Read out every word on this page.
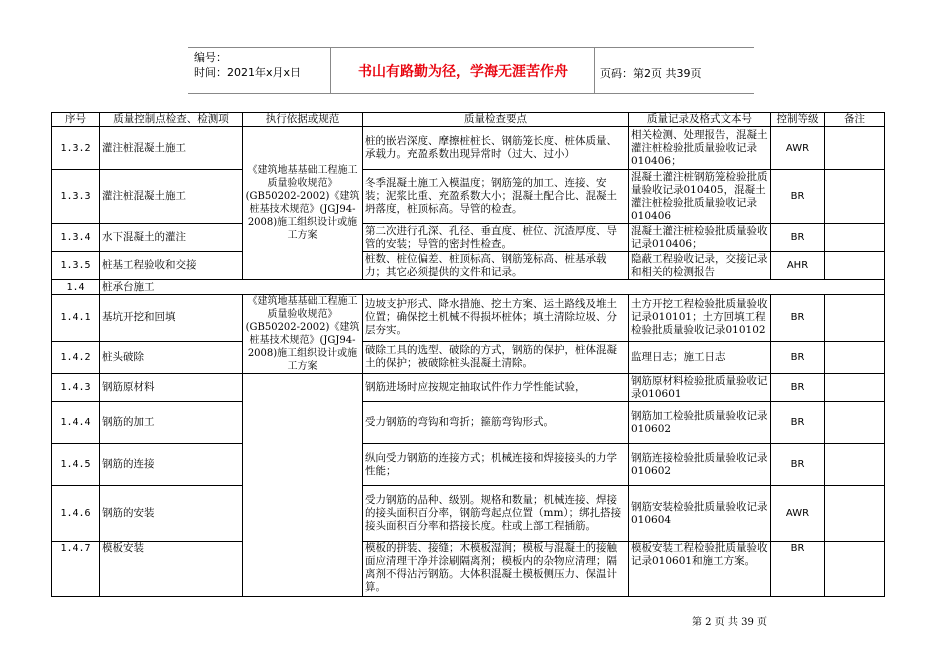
编号：
时间：2021年x月x日	书山有路勤为径，学海无涯苦作舟	页码：第2页 共39页
序号	质量控制点检查、检测项	执行依据或规范	质量检查要点	质量记录及格式文本号	控制等级	备注
1.3.2	灌注桩混凝土施工	《建筑地基基础工程施工质量验收规范》(GB50202-2002)《建筑桩基技术规范》(JGJ94-2008)施工组织设计或施工方案	桩的嵌岩深度、摩擦桩桩长、钢筋笼长度、桩体质量、承载力。充盈系数出现异常时（过大、过小）	相关检测、处理报告，混凝土灌注桩检验批质量验收记录010406；	AWR	
1.3.3	灌注桩混凝土施工		冬季混凝土施工入模温度；钢筋笼的加工、连接、安装；泥浆比重、充盈系数大小；混凝土配合比、混凝土坍落度，桩顶标高。导管的检查。	混凝土灌注桩钢筋笼检验批质量验收记录010405，混凝土灌注桩检验批质量验收记录010406	BR	
1.3.4	水下混凝土的灌注		第二次进行孔深、孔径、垂直度、桩位、沉渣厚度、导管的安装；导管的密封性检查。	混凝土灌注桩检验批质量验收记录010406；	BR	
1.3.5	桩基工程验收和交接		桩数、桩位偏差、桩顶标高、钢筋笼标高、桩基承载力；其它必须提供的文件和记录。	隐蔽工程验收记录，交接记录和相关的检测报告	AHR	
1.4	桩承台施工					
1.4.1	基坑开挖和回填	《建筑地基基础工程施工质量验收规范》(GB50202-2002)《建筑桩基技术规范》(JGJ94-2008)施工组织设计或施工方案	边坡支护形式、降水措施、挖土方案、运土路线及堆土位置；确保挖土机械不得损坏桩体；填土清除垃圾、分层夯实。	土方开挖工程检验批质量验收记录010101；土方回填工程检验批质量验收记录010102	BR	
1.4.2	桩头破除		破除工具的选型、破除的方式，钢筋的保护，桩体混凝土的保护；被破除桩头混凝土清除。	监理日志；施工日志	BR	
1.4.3	钢筋原材料		钢筋进场时应按规定抽取试件作力学性能试验，	钢筋原材料检验批质量验收记录010601	BR	
1.4.4	钢筋的加工		受力钢筋的弯钩和弯折；箍筋弯钩形式。	钢筋加工检验批质量验收记录010602	BR	
1.4.5	钢筋的连接		纵向受力钢筋的连接方式；机械连接和焊接接头的力学性能；	钢筋连接检验批质量验收记录010602	BR	
1.4.6	钢筋的安装		受力钢筋的品种、级别。规格和数量；机械连接、焊接的接头面积百分率，钢筋弯起点位置（mm）；绑扎搭接接头面积百分率和搭接长度。柱或上部工程插筋。	钢筋安装检验批质量验收记录010604	AWR	
1.4.7	模板安装		模板的拼装、接缝；木模板湿润；模板与混凝土的接触面应清理干净并涂刷隔离剂；模板内的杂物应清理；隔离剂不得沾污钢筋。大体积混凝土模板侧压力、保温计算。	模板安装工程检验批质量验收记录010601和施工方案。	BR	
第 2 页 共 39 页
